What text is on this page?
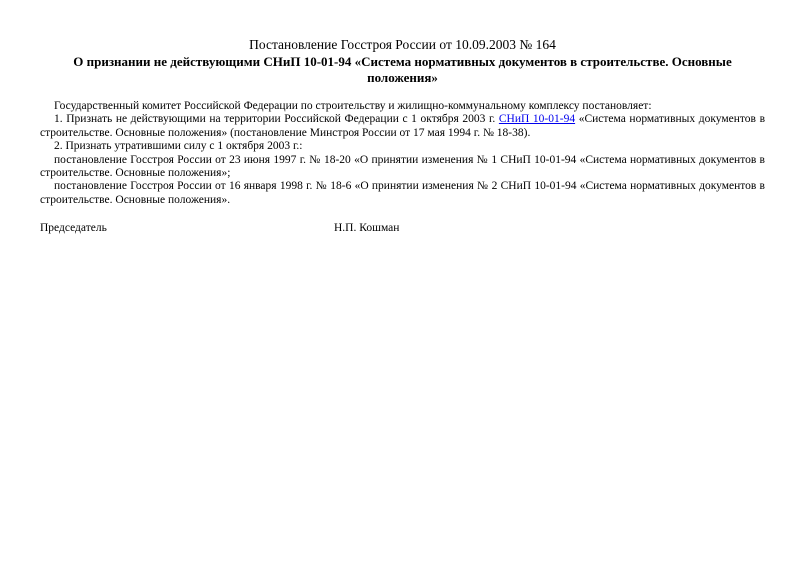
Постановление Госстроя России от 10.09.2003 № 164

О признании не действующими СНиП 10-01-94 «Система нормативных документов в строительстве. Основные положения»

Государственный комитет Российской Федерации по строительству и жилищно-коммунальному комплексу постановляет:

1. Признать не действующими на территории Российской Федерации с 1 октября 2003 г. СНиП 10-01-94 «Система нормативных документов в строительстве. Основные положения» (постановление Минстроя России от 17 мая 1994 г. № 18-38).

2. Признать утратившими силу с 1 октября 2003 г.:

постановление Госстроя России от 23 июня 1997 г. № 18-20 «О принятии изменения № 1 СНиП 10-01-94 «Система нормативных документов в строительстве. Основные положения»;

постановление Госстроя России от 16 января 1998 г. № 18-6 «О принятии изменения № 2 СНиП 10-01-94 «Система нормативных документов в строительстве. Основные положения».

Председатель	Н.П. Кошман
